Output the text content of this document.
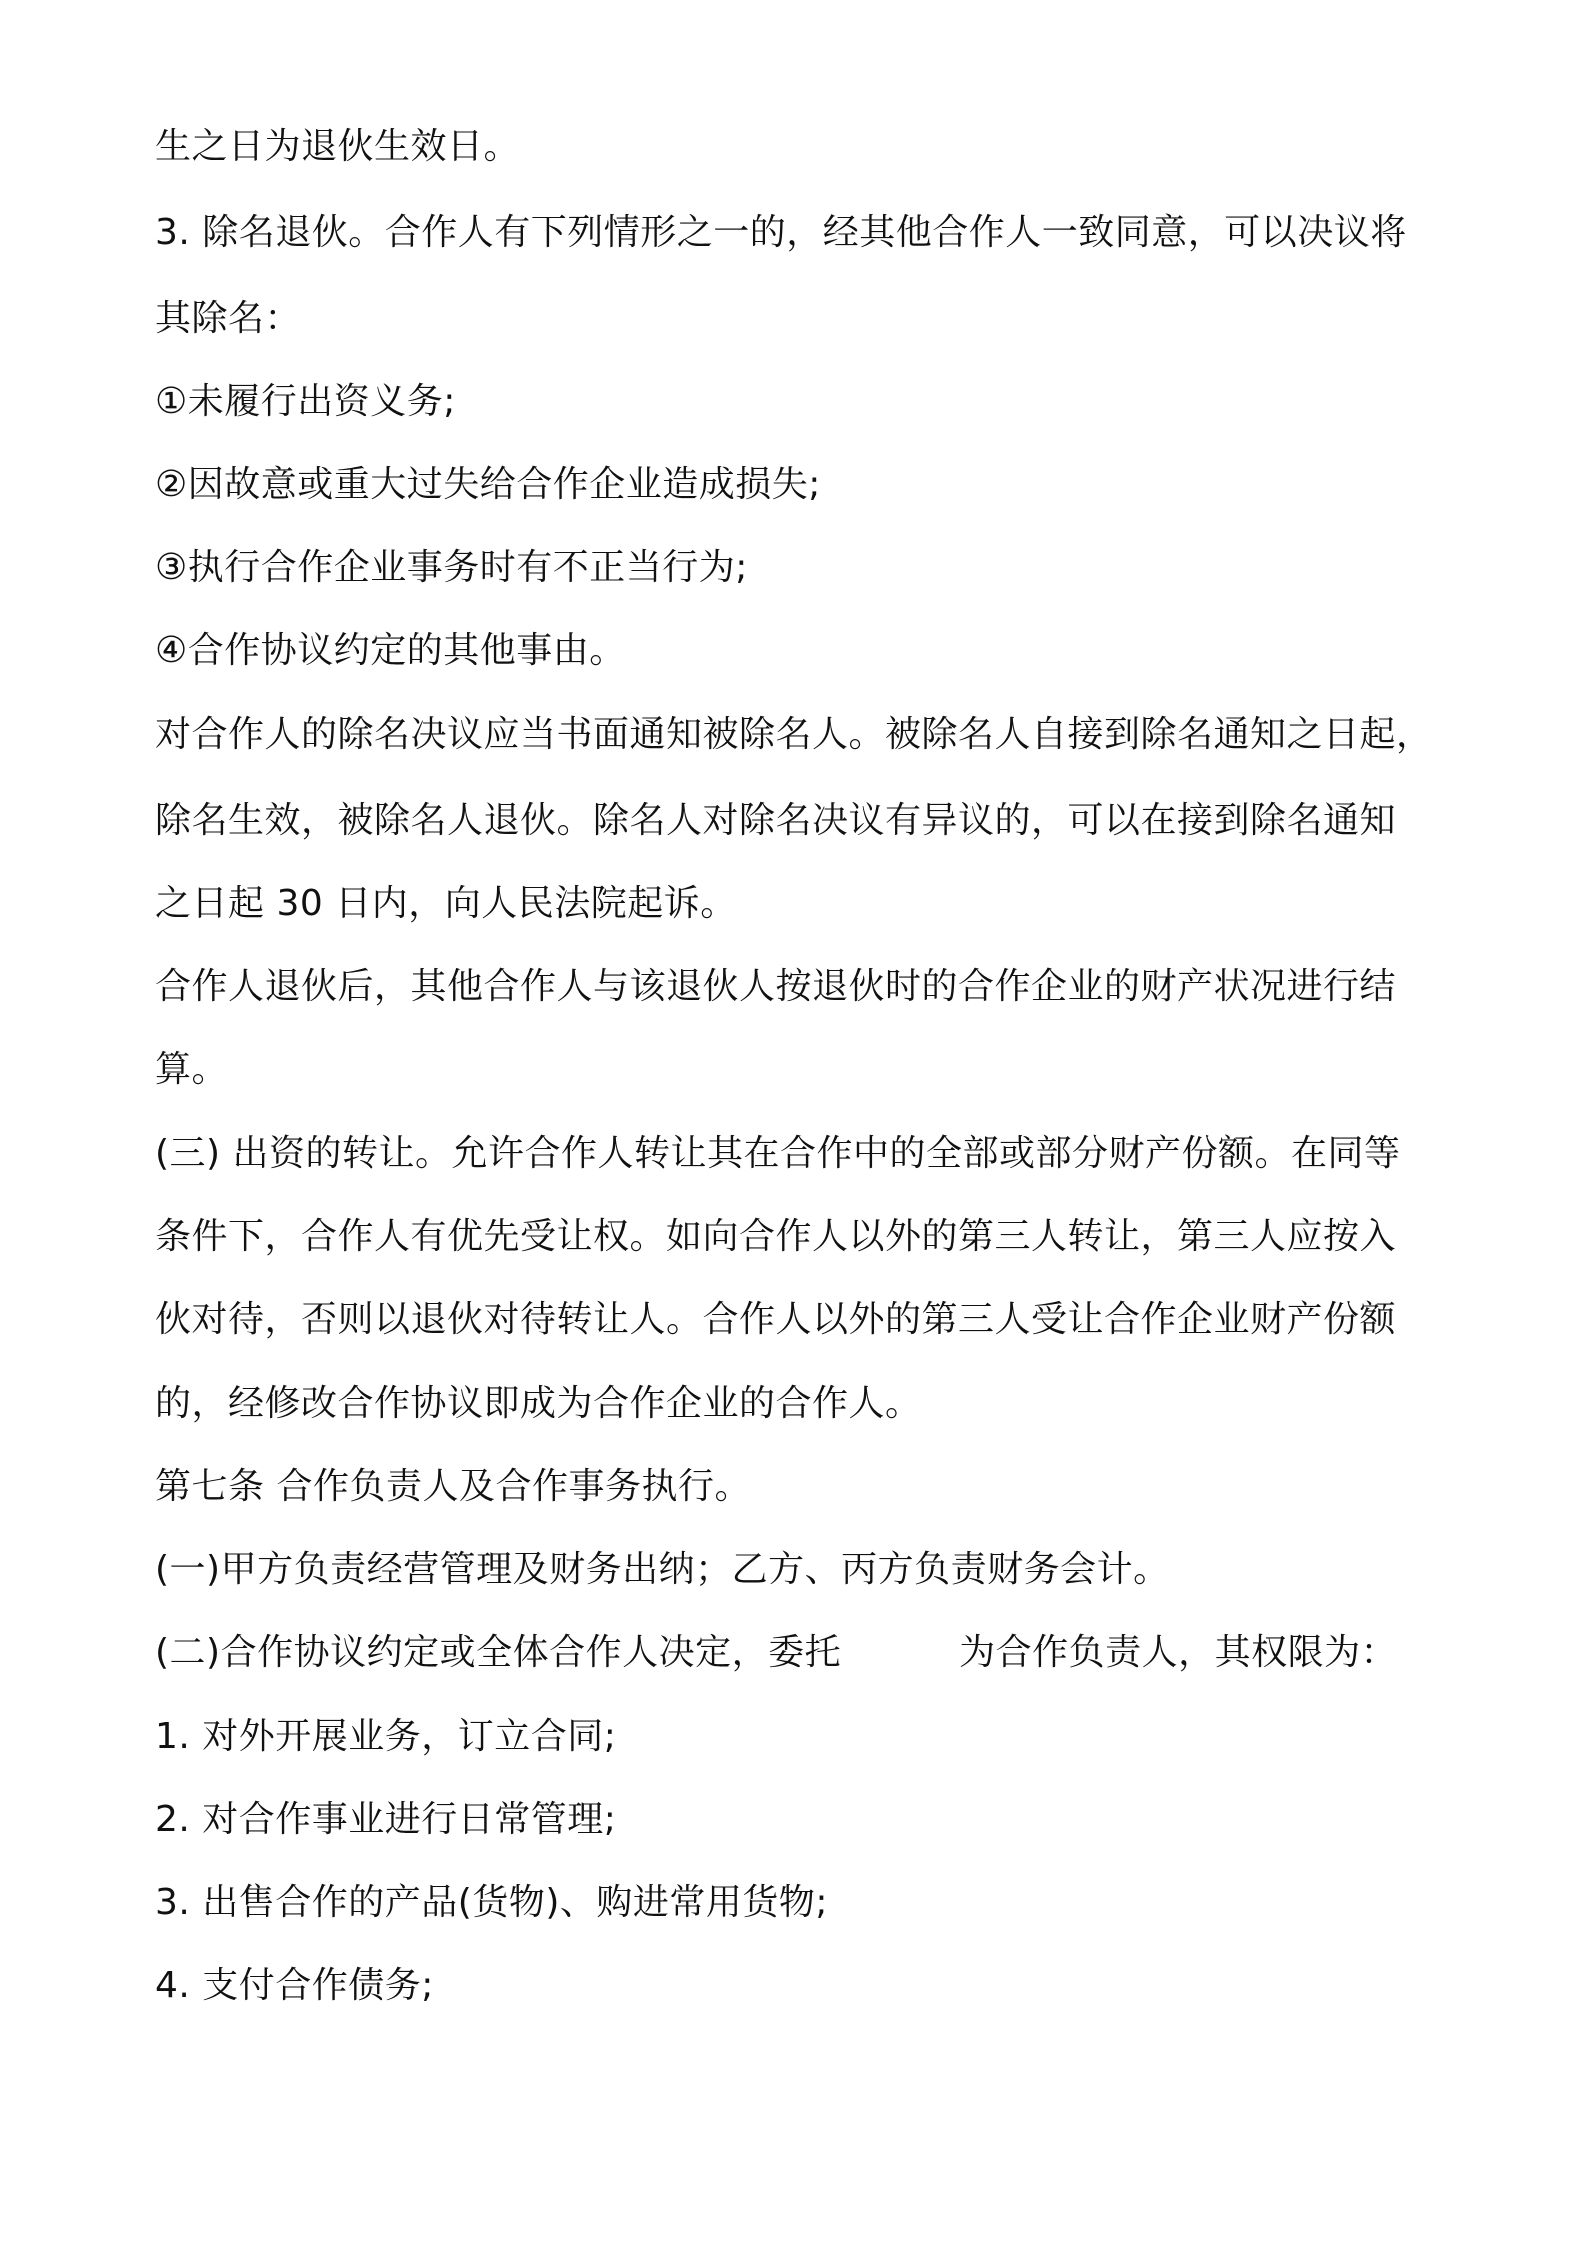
生之日为退伙生效日。
3. 除名退伙。合作人有下列情形之一的，经其他合作人一致同意，可以决议将
其除名：
①未履行出资义务;
②因故意或重大过失给合作企业造成损失;
③执行合作企业事务时有不正当行为;
④合作协议约定的其他事由。
对合作人的除名决议应当书面通知被除名人。被除名人自接到除名通知之日起，
除名生效，被除名人退伙。除名人对除名决议有异议的，可以在接到除名通知
之日起 30 日内，向人民法院起诉。
合作人退伙后，其他合作人与该退伙人按退伙时的合作企业的财产状况进行结
算。
(三) 出资的转让。允许合作人转让其在合作中的全部或部分财产份额。在同等
条件下，合作人有优先受让权。如向合作人以外的第三人转让，第三人应按入
伙对待，否则以退伙对待转让人。合作人以外的第三人受让合作企业财产份额
的，经修改合作协议即成为合作企业的合作人。
第七条 合作负责人及合作事务执行。
(一)甲方负责经营管理及财务出纳；乙方、丙方负责财务会计。
(二)合作协议约定或全体合作人决定，委托	为合作负责人，其权限为：
1. 对外开展业务，订立合同;
2. 对合作事业进行日常管理;
3. 出售合作的产品(货物)、购进常用货物;
4. 支付合作债务;
